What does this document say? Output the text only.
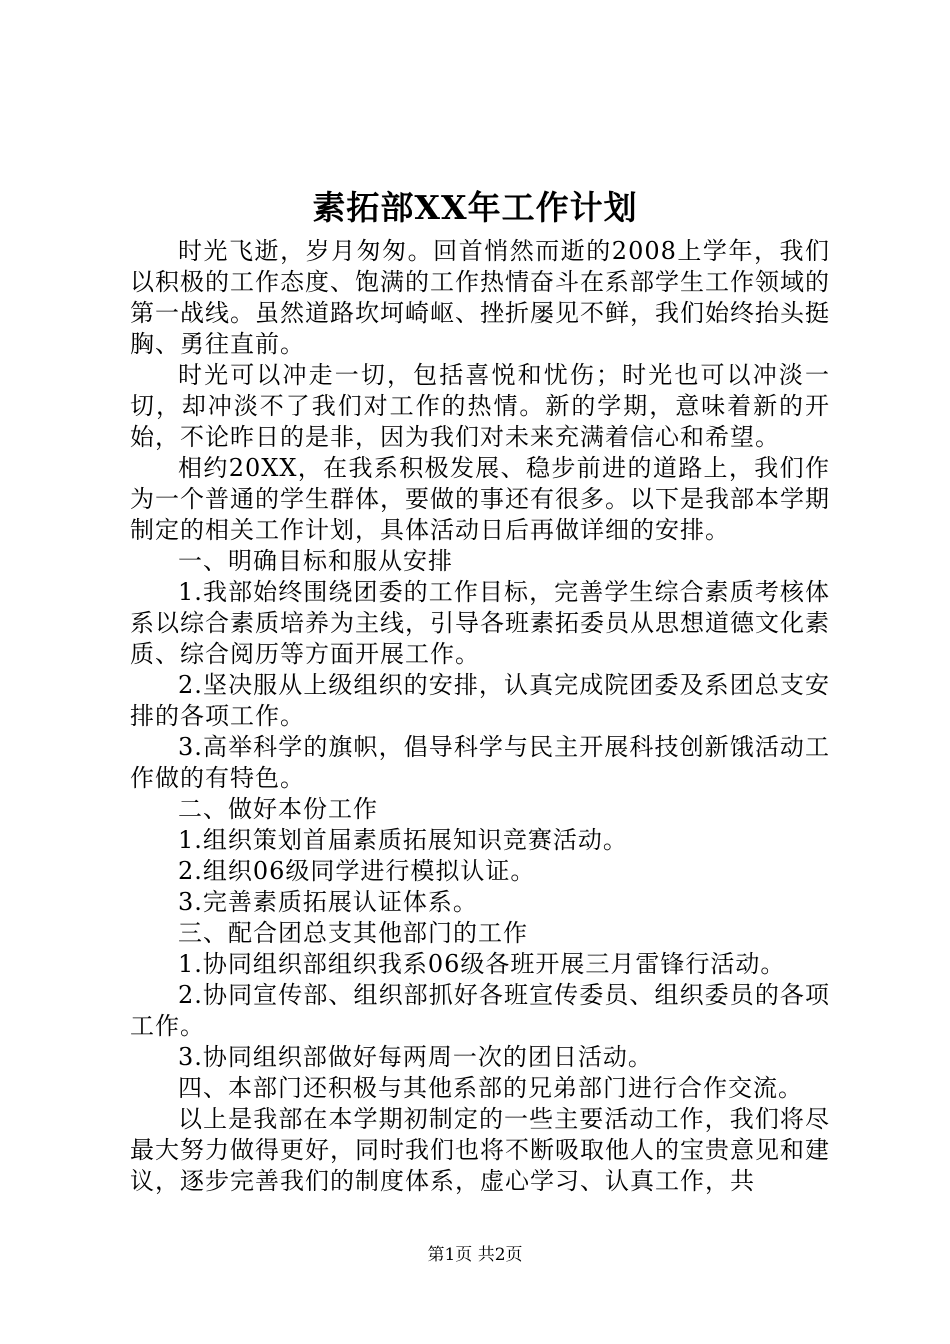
素拓部XX年工作计划

时光飞逝，岁月匆匆。回首悄然而逝的2008上学年，我们以积极的工作态度、饱满的工作热情奋斗在系部学生工作领域的第一战线。虽然道路坎坷崎岖、挫折屡见不鲜，我们始终抬头挺胸、勇往直前。

时光可以冲走一切，包括喜悦和忧伤；时光也可以冲淡一切，却冲淡不了我们对工作的热情。新的学期，意味着新的开始，不论昨日的是非，因为我们对未来充满着信心和希望。

相约20XX，在我系积极发展、稳步前进的道路上，我们作为一个普通的学生群体，要做的事还有很多。以下是我部本学期制定的相关工作计划，具体活动日后再做详细的安排。

一、明确目标和服从安排

1.我部始终围绕团委的工作目标，完善学生综合素质考核体系以综合素质培养为主线，引导各班素拓委员从思想道德文化素质、综合阅历等方面开展工作。

2.坚决服从上级组织的安排，认真完成院团委及系团总支安排的各项工作。

3.高举科学的旗帜，倡导科学与民主开展科技创新饿活动工作做的有特色。

二、做好本份工作

1.组织策划首届素质拓展知识竞赛活动。

2.组织06级同学进行模拟认证。

3.完善素质拓展认证体系。

三、配合团总支其他部门的工作

1.协同组织部组织我系06级各班开展三月雷锋行活动。

2.协同宣传部、组织部抓好各班宣传委员、组织委员的各项工作。

3.协同组织部做好每两周一次的团日活动。

四、本部门还积极与其他系部的兄弟部门进行合作交流。

以上是我部在本学期初制定的一些主要活动工作，我们将尽最大努力做得更好，同时我们也将不断吸取他人的宝贵意见和建议，逐步完善我们的制度体系，虚心学习、认真工作，共

第1页 共2页
